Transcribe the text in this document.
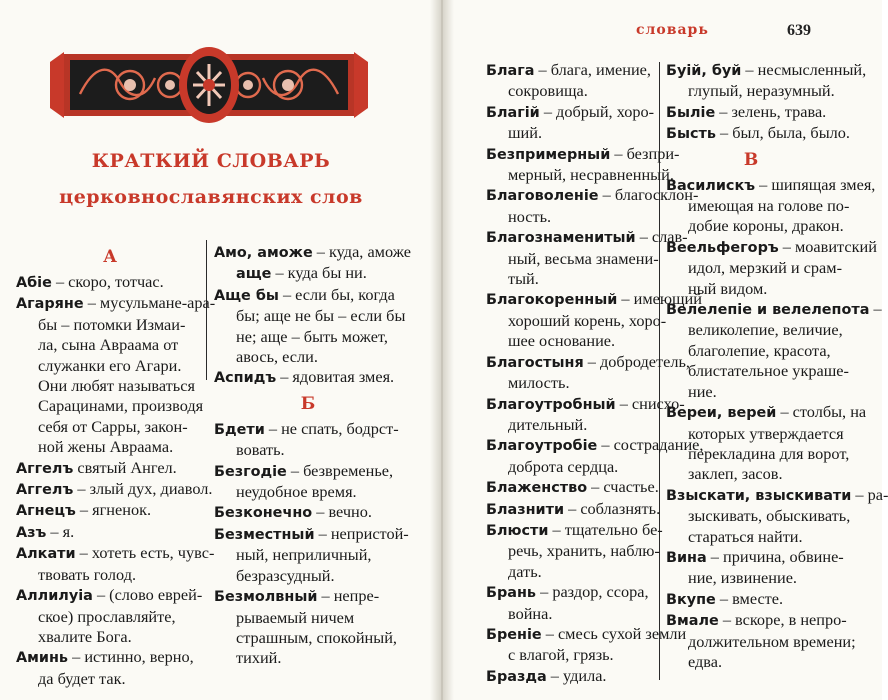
КРАТКИЙ СЛОВАРЬ
церковнославянских слов
словарь	639
А
Абіе – скоро, тотчас.
Агаряне – мусульмане-ара-
бы – потомки Измаи-
ла, сына Авраама от
служанки его Агари.
Они любят называться
Сарацинами, производя
себя от Сарры, закон-
ной жены Авраама.
Аггелъ святый Ангел.
Аггелъ – злый дух, диавол.
Агнецъ – ягненок.
Азъ – я.
Алкати – хотеть есть, чувс-
твовать голод.
Аллилуіа – (слово еврей-
ское) прославляйте,
хвалите Бога.
Аминь – истинно, верно,
да будет так.
Амо, аможе – куда, аможе
аще – куда бы ни.
Аще бы – если бы, когда
бы; аще не бы – если бы
не; аще – быть может,
авось, если.
Аспидъ – ядовитая змея.
Б
Бдети – не спать, бодрст-
вовать.
Безгодіе – безвременье,
неудобное время.
Безконечно – вечно.
Безместный – непристой-
ный, неприличный,
безразсудный.
Безмолвный – непре-
рываемый ничем
страшным, спокойный,
тихий.
Блага – блага, имение,
сокровища.
Благій – добрый, хоро-
ший.
Безпримерный – безпри-
мерный, несравненный.
Благоволеніе – благосклон-
ность.
Благознаменитый – слав-
ный, весьма знамени-
тый.
Благокоренный – имеющий
хороший корень, хоро-
шее основание.
Благостыня – добродетель,
милость.
Благоутробный – снисхо-
дительный.
Благоутробіе – сострадание,
доброта сердца.
Блаженство – счастье.
Блазнити – соблазнять.
Блюсти – тщательно бе-
речь, хранить, наблю-
дать.
Брань – раздор, ссора,
война.
Бреніе – смесь сухой земли
с влагой, грязь.
Бразда – удила.
Буій, буй – несмысленный,
глупый, неразумный.
Быліе – зелень, трава.
Бысть – был, была, было.
В
Василискъ – шипящая змея,
имеющая на голове по-
добие короны, дракон.
Веельфегоръ – моавитский
идол, мерзкий и срам-
ный видом.
Велелепіе и велелепота –
великолепие, величие,
благолепие, красота,
блистательное украше-
ние.
Вереи, верей – столбы, на
которых утверждается
перекладина для ворот,
заклеп, засов.
Взыскати, взыскивати – ра-
зыскивать, обыскивать,
стараться найти.
Вина – причина, обвине-
ние, извинение.
Вкупе – вместе.
Вмале – вскоре, в непро-
должительном времени;
едва.
